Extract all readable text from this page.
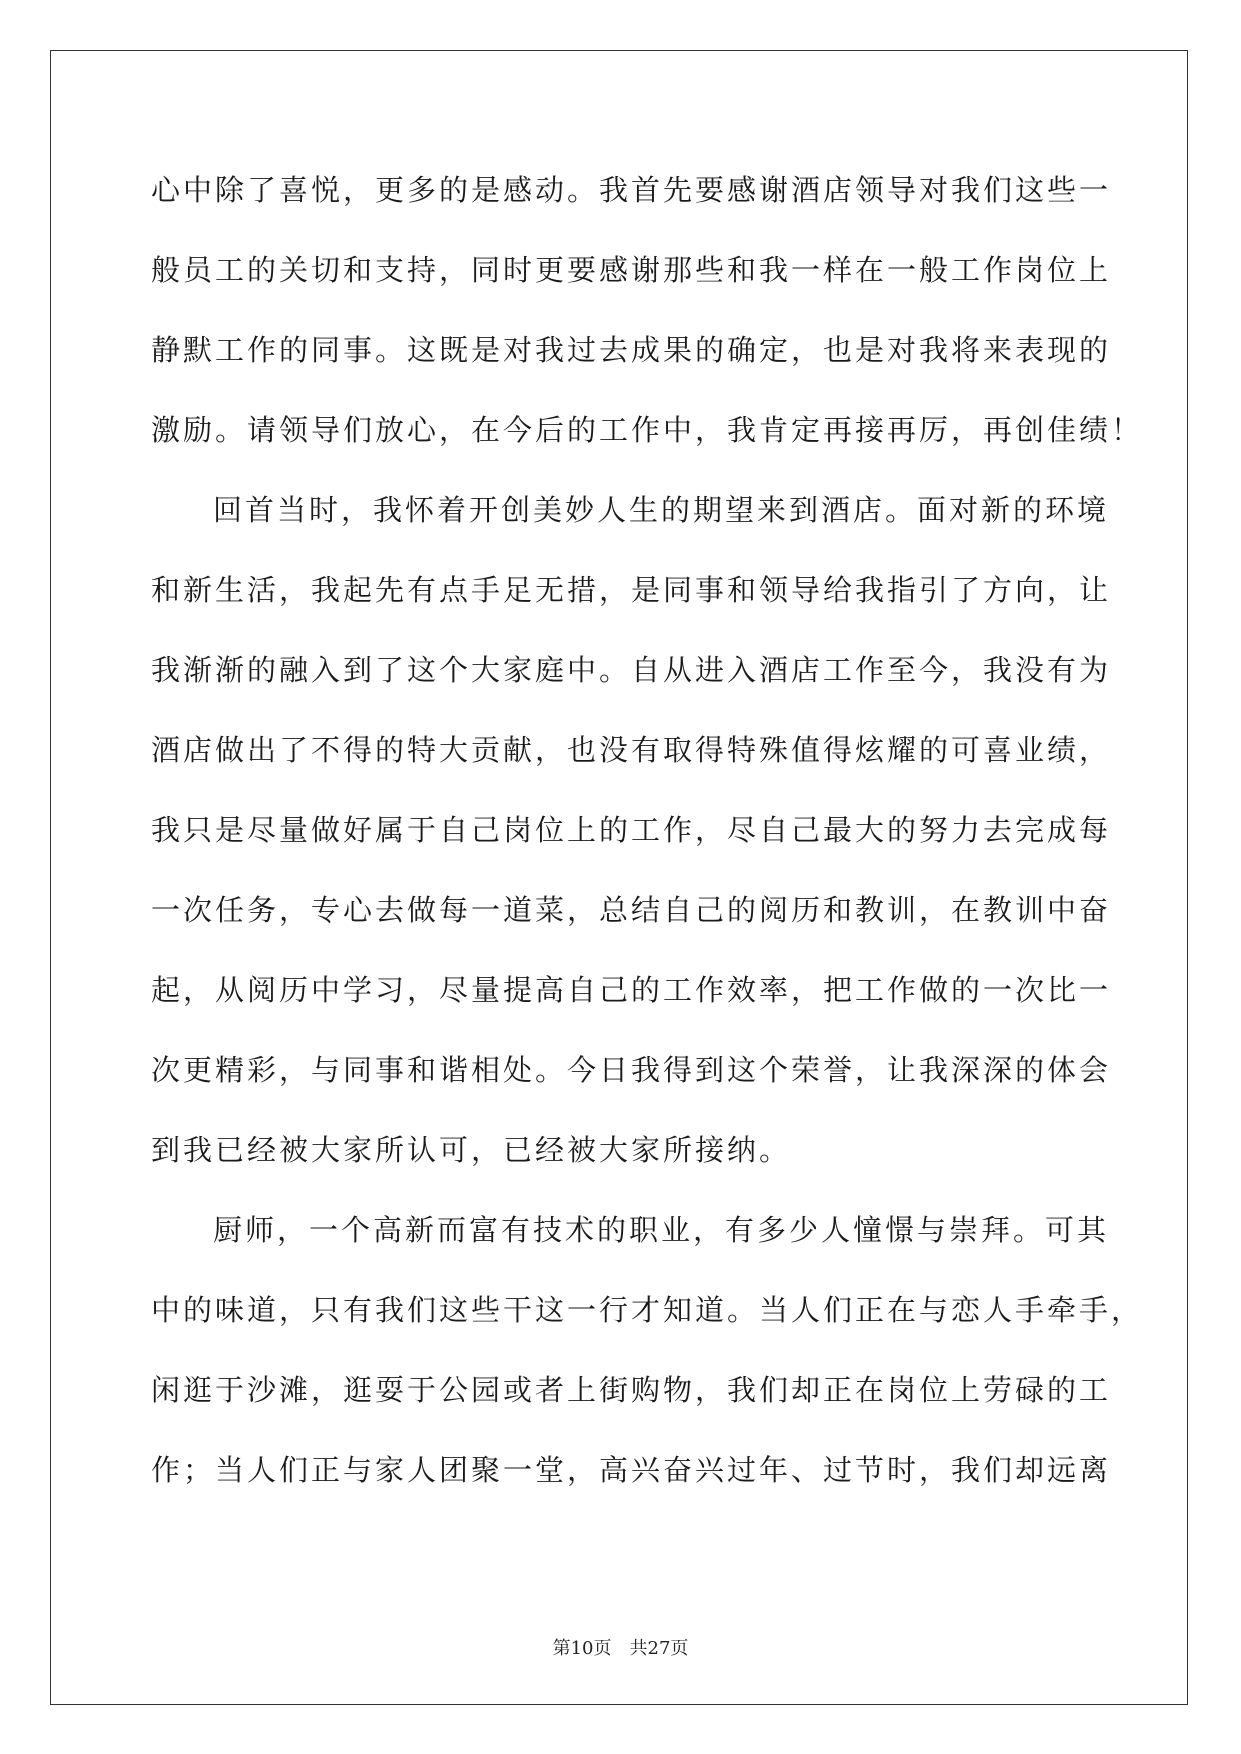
心中除了喜悦，更多的是感动。我首先要感谢酒店领导对我们这些一
般员工的关切和支持，同时更要感谢那些和我一样在一般工作岗位上
静默工作的同事。这既是对我过去成果的确定，也是对我将来表现的
激励。请领导们放心，在今后的工作中，我肯定再接再厉，再创佳绩！
回首当时，我怀着开创美妙人生的期望来到酒店。面对新的环境
和新生活，我起先有点手足无措，是同事和领导给我指引了方向，让
我渐渐的融入到了这个大家庭中。自从进入酒店工作至今，我没有为
酒店做出了不得的特大贡献，也没有取得特殊值得炫耀的可喜业绩，
我只是尽量做好属于自己岗位上的工作，尽自己最大的努力去完成每
一次任务，专心去做每一道菜，总结自己的阅历和教训，在教训中奋
起，从阅历中学习，尽量提高自己的工作效率，把工作做的一次比一
次更精彩，与同事和谐相处。今日我得到这个荣誉，让我深深的体会
到我已经被大家所认可，已经被大家所接纳。
厨师，一个高新而富有技术的职业，有多少人憧憬与崇拜。可其
中的味道，只有我们这些干这一行才知道。当人们正在与恋人手牵手，
闲逛于沙滩，逛耍于公园或者上街购物，我们却正在岗位上劳碌的工
作；当人们正与家人团聚一堂，高兴奋兴过年、过节时，我们却远离
第10页 共27页
